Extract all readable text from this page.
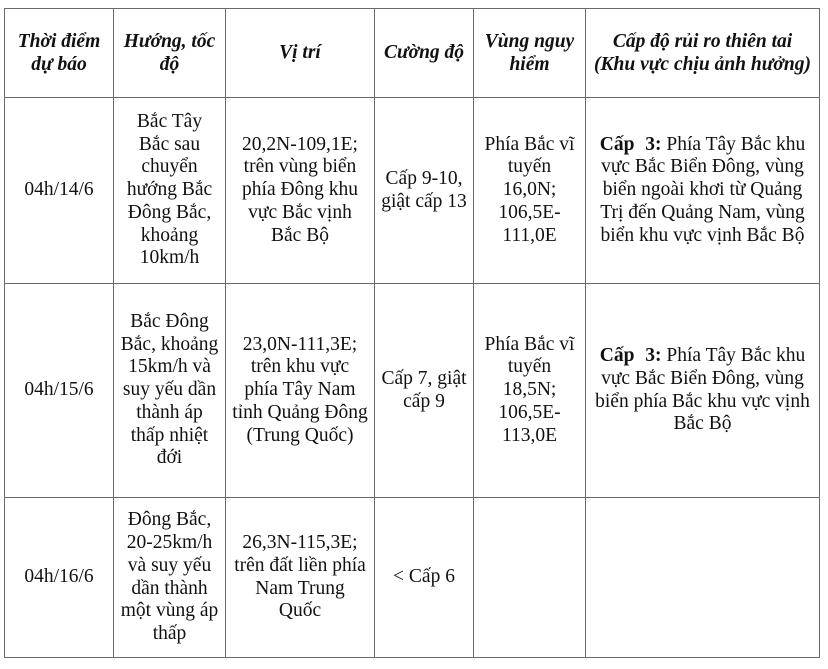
Thời điểm dự báo	Hướng, tốc độ	Vị trí	Cường độ	Vùng nguy hiểm	Cấp độ rủi ro thiên tai (Khu vực chịu ảnh hưởng)
04h/14/6	Bắc Tây Bắc sau chuyển hướng Bắc Đông Bắc, khoảng 10km/h	20,2N-109,1E; trên vùng biển phía Đông khu vực Bắc vịnh Bắc Bộ	Cấp 9-10, giật cấp 13	Phía Bắc vĩ tuyến 16,0N; 106,5E-111,0E	Cấp 3: Phía Tây Bắc khu vực Bắc Biển Đông, vùng biển ngoài khơi từ Quảng Trị đến Quảng Nam, vùng biển khu vực vịnh Bắc Bộ
04h/15/6	Bắc Đông Bắc, khoảng 15km/h và suy yếu dần thành áp thấp nhiệt đới	23,0N-111,3E; trên khu vực phía Tây Nam tỉnh Quảng Đông (Trung Quốc)	Cấp 7, giật cấp 9	Phía Bắc vĩ tuyến 18,5N; 106,5E-113,0E	Cấp 3: Phía Tây Bắc khu vực Bắc Biển Đông, vùng biển phía Bắc khu vực vịnh Bắc Bộ
04h/16/6	Đông Bắc, 20-25km/h và suy yếu dần thành một vùng áp thấp	26,3N-115,3E; trên đất liền phía Nam Trung Quốc	< Cấp 6		
